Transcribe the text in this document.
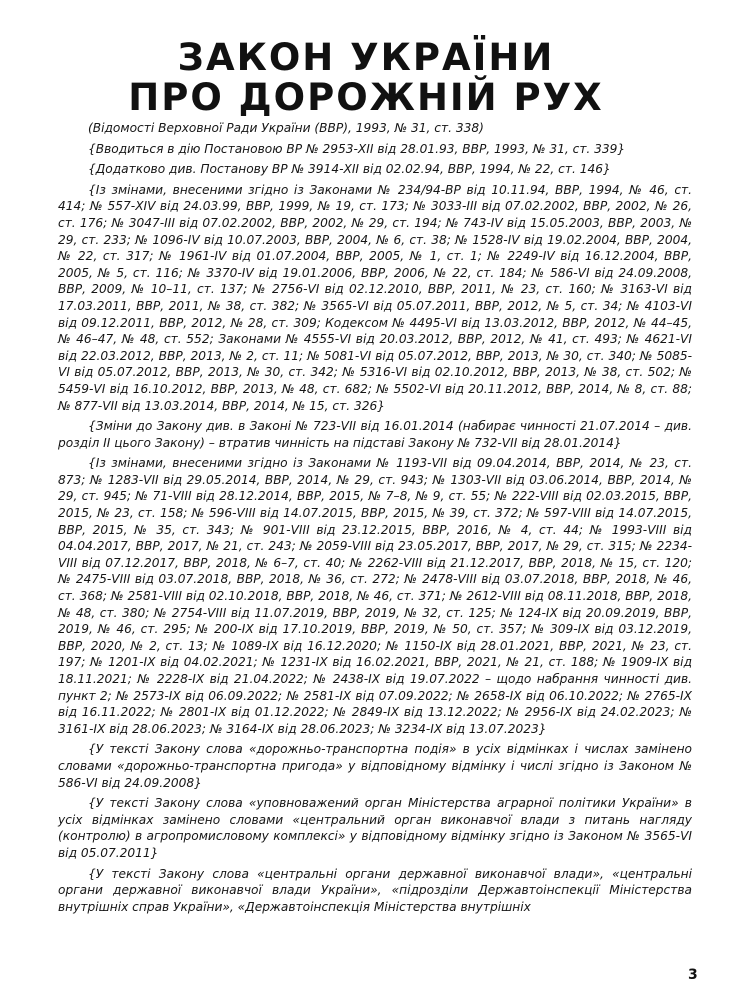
ЗАКОН УКРАЇНИ
ПРО ДОРОЖНІЙ РУХ

(Відомості Верховної Ради України (ВВР), 1993, № 31, ст. 338)

{Вводиться в дію Постановою ВР № 2953-XII від 28.01.93, ВВР, 1993, № 31, ст. 339}

{Додатково див. Постанову ВР № 3914-XII від 02.02.94, ВВР, 1994, № 22, ст. 146}

{Із змінами, внесеними згідно із Законами № 234/94-ВР від 10.11.94, ВВР, 1994, № 46, ст. 414; № 557-XIV від 24.03.99, ВВР, 1999, № 19, ст. 173; № 3033-III від 07.02.2002, ВВР, 2002, № 26, ст. 176; № 3047-III від 07.02.2002, ВВР, 2002, № 29, ст. 194; № 743-IV від 15.05.2003, ВВР, 2003, № 29, ст. 233; № 1096-IV від 10.07.2003, ВВР, 2004, № 6, ст. 38; № 1528-IV від 19.02.2004, ВВР, 2004, № 22, ст. 317; № 1961-IV від 01.07.2004, ВВР, 2005, № 1, ст. 1; № 2249-IV від 16.12.2004, ВВР, 2005, № 5, ст. 116; № 3370-IV від 19.01.2006, ВВР, 2006, № 22, ст. 184; № 586-VI від 24.09.2008, ВВР, 2009, № 10–11, ст. 137; № 2756-VI від 02.12.2010, ВВР, 2011, № 23, ст. 160; № 3163-VI від 17.03.2011, ВВР, 2011, № 38, ст. 382; № 3565-VI від 05.07.2011, ВВР, 2012, № 5, ст. 34; № 4103-VI від 09.12.2011, ВВР, 2012, № 28, ст. 309; Кодексом № 4495-VI від 13.03.2012, ВВР, 2012, № 44–45, № 46–47, № 48, ст. 552; Законами № 4555-VI від 20.03.2012, ВВР, 2012, № 41, ст. 493; № 4621-VI від 22.03.2012, ВВР, 2013, № 2, ст. 11; № 5081-VI від 05.07.2012, ВВР, 2013, № 30, ст. 340; № 5085-VI від 05.07.2012, ВВР, 2013, № 30, ст. 342; № 5316-VI від 02.10.2012, ВВР, 2013, № 38, ст. 502; № 5459-VI від 16.10.2012, ВВР, 2013, № 48, ст. 682; № 5502-VI від 20.11.2012, ВВР, 2014, № 8, ст. 88; № 877-VII від 13.03.2014, ВВР, 2014, № 15, ст. 326}

{Зміни до Закону див. в Законі № 723-VII від 16.01.2014 (набирає чинності 21.07.2014 – див. розділ II цього Закону) – втратив чинність на підставі Закону № 732-VII від 28.01.2014}

{Із змінами, внесеними згідно із Законами № 1193-VII від 09.04.2014, ВВР, 2014, № 23, ст. 873; № 1283-VII від 29.05.2014, ВВР, 2014, № 29, ст. 943; № 1303-VII від 03.06.2014, ВВР, 2014, № 29, ст. 945; № 71-VIII від 28.12.2014, ВВР, 2015, № 7–8, № 9, ст. 55; № 222-VIII від 02.03.2015, ВВР, 2015, № 23, ст. 158; № 596-VIII від 14.07.2015, ВВР, 2015, № 39, ст. 372; № 597-VIII від 14.07.2015, ВВР, 2015, № 35, ст. 343; № 901-VIII від 23.12.2015, ВВР, 2016, № 4, ст. 44; № 1993-VIII від 04.04.2017, ВВР, 2017, № 21, ст. 243; № 2059-VIII від 23.05.2017, ВВР, 2017, № 29, ст. 315; № 2234-VIII від 07.12.2017, ВВР, 2018, № 6–7, ст. 40; № 2262-VIII від 21.12.2017, ВВР, 2018, № 15, ст. 120; № 2475-VIII від 03.07.2018, ВВР, 2018, № 36, ст. 272; № 2478-VIII від 03.07.2018, ВВР, 2018, № 46, ст. 368; № 2581-VIII від 02.10.2018, ВВР, 2018, № 46, ст. 371; № 2612-VIII від 08.11.2018, ВВР, 2018, № 48, ст. 380; № 2754-VIII від 11.07.2019, ВВР, 2019, № 32, ст. 125; № 124-IX від 20.09.2019, ВВР, 2019, № 46, ст. 295; № 200-IX від 17.10.2019, ВВР, 2019, № 50, ст. 357; № 309-IX від 03.12.2019, ВВР, 2020, № 2, ст. 13; № 1089-IX від 16.12.2020; № 1150-IX від 28.01.2021, ВВР, 2021, № 23, ст. 197; № 1201-IX від 04.02.2021; № 1231-IX від 16.02.2021, ВВР, 2021, № 21, ст. 188; № 1909-IX від 18.11.2021; № 2228-IX від 21.04.2022; № 2438-IX від 19.07.2022 – щодо набрання чинності див. пункт 2; № 2573-IX від 06.09.2022; № 2581-IX від 07.09.2022; № 2658-IX від 06.10.2022; № 2765-IX від 16.11.2022; № 2801-IX від 01.12.2022; № 2849-IX від 13.12.2022; № 2956-IX від 24.02.2023; № 3161-IX від 28.06.2023; № 3164-IX від 28.06.2023; № 3234-IX від 13.07.2023}

{У тексті Закону слова «дорожньо-транспортна подія» в усіх відмінках і числах замінено словами «дорожньо-транспортна пригода» у відповідному відмінку і числі згідно із Законом № 586-VI від 24.09.2008}

{У тексті Закону слова «уповноважений орган Міністерства аграрної політики України» в усіх відмінках замінено словами «центральний орган виконавчої влади з питань нагляду (контролю) в агропромисловому комплексі» у відповідному відмінку згідно із Законом № 3565-VI від 05.07.2011}

{У тексті Закону слова «центральні органи державної виконавчої влади», «центральні органи державної виконавчої влади України», «підрозділи Державтоінспекції Міністерства внутрішніх справ України», «Державтоінспекція Міністерства внутрішніх

3
